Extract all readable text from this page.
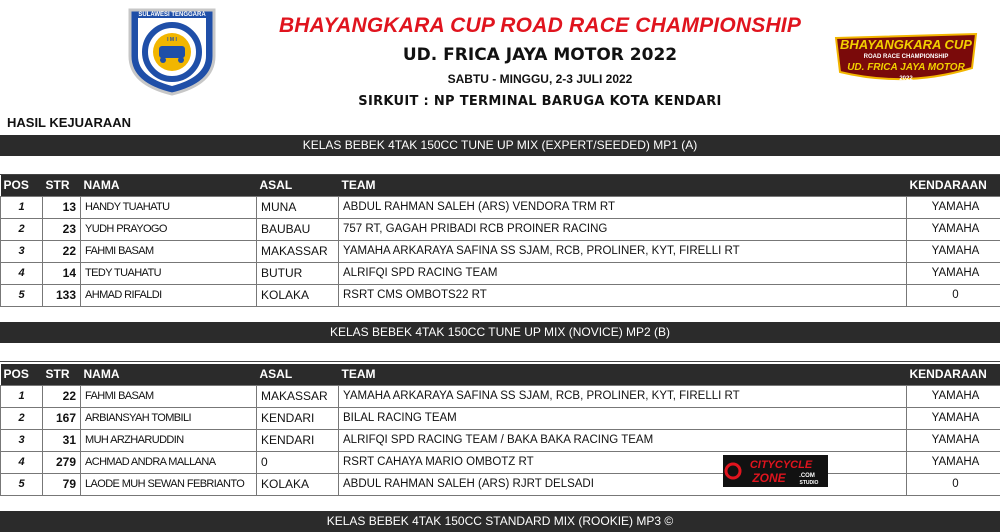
SULAWESI TENGGARA
I M I
BHAYANGKARA CUP ROAD RACE CHAMPIONSHIP
UD. FRICA JAYA MOTOR 2022
SABTU - MINGGU, 2-3 JULI 2022
SIRKUIT : NP TERMINAL BARUGA KOTA KENDARI
BHAYANGKARA CUP
ROAD RACE CHAMPIONSHIP
UD. FRICA JAYA MOTOR
2022
HASIL KEJUARAAN
KELAS BEBEK 4TAK 150CC TUNE UP MIX (EXPERT/SEEDED) MP1 (A)
POS	STR	NAMA	ASAL	TEAM	KENDARAAN
1	13	HANDY TUAHATU	MUNA	ABDUL RAHMAN SALEH (ARS) VENDORA TRM RT	YAMAHA
2	23	YUDH PRAYOGO	BAUBAU	757 RT, GAGAH PRIBADI RCB PROINER RACING	YAMAHA
3	22	FAHMI BASAM	MAKASSAR	YAMAHA ARKARAYA SAFINA SS SJAM, RCB, PROLINER, KYT, FIRELLI RT	YAMAHA
4	14	TEDY TUAHATU	BUTUR	ALRIFQI SPD RACING TEAM	YAMAHA
5	133	AHMAD RIFALDI	KOLAKA	RSRT CMS OMBOTS22 RT	0
KELAS BEBEK 4TAK 150CC TUNE UP MIX (NOVICE) MP2 (B)
POS	STR	NAMA	ASAL	TEAM	KENDARAAN
1	22	FAHMI BASAM	MAKASSAR	YAMAHA ARKARAYA SAFINA SS SJAM, RCB, PROLINER, KYT, FIRELLI RT	YAMAHA
2	167	ARBIANSYAH TOMBILI	KENDARI	BILAL RACING TEAM	YAMAHA
3	31	MUH ARZHARUDDIN	KENDARI	ALRIFQI SPD RACING TEAM / BAKA BAKA RACING TEAM	YAMAHA
4	279	ACHMAD ANDRA MALLANA	0	RSRT CAHAYA MARIO OMBOTZ RT	YAMAHA
5	79	LAODE MUH SEWAN FEBRIANTO	KOLAKA	ABDUL RAHMAN SALEH (ARS) RJRT DELSADI	0
CITYCYCLE
ZONE .COM
STUDIO
KELAS BEBEK 4TAK 150CC STANDARD MIX (ROOKIE) MP3 ©
